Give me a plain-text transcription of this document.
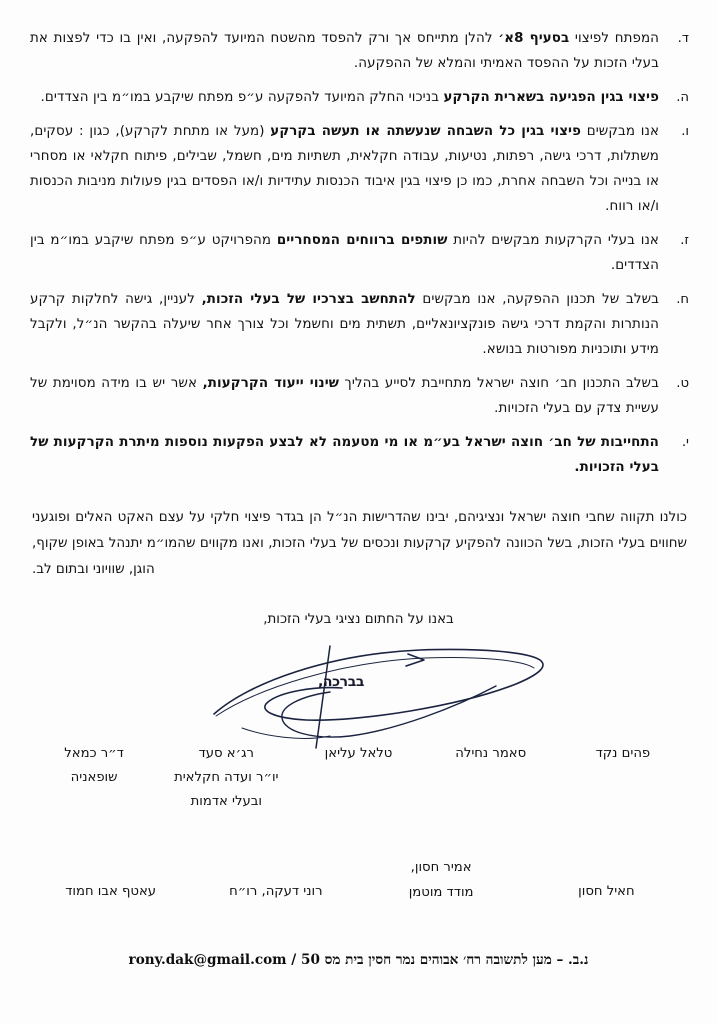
ד.
המפתח לפיצוי בסעיף 8א׳ להלן מתייחס אך ורק להפסד מהשטח המיועד להפקעה, ואין בו כדי לפצות את בעלי הזכות על ההפסד האמיתי והמלא של ההפקעה.
ה.
פיצוי בגין הפגיעה בשארית הקרקע בניכוי החלק המיועד להפקעה ע״פ מפתח שיקבע במו״מ בין הצדדים.
ו.
אנו מבקשים פיצוי בגין כל השבחה שנעשתה או תעשה בקרקע (מעל או מתחת לקרקע), כגון : עסקים, משתלות, דרכי גישה, רפתות, נטיעות, עבודה חקלאית, תשתיות מים, חשמל, שבילים, פיתוח חקלאי או מסחרי או בנייה וכל השבחה אחרת, כמו כן פיצוי בגין איבוד הכנסות עתידיות ו/או הפסדים בגין פעולות מניבות הכנסות ו/או רווח.
ז.
אנו בעלי הקרקעות מבקשים להיות שותפים ברווחים המסחריים מהפרויקט ע״פ מפתח שיקבע במו״מ בין הצדדים.
ח.
בשלב של תכנון ההפקעה, אנו מבקשים להתחשב בצרכיו של בעלי הזכות, לעניין, גישה לחלקות קרקע הנותרות והקמת דרכי גישה פונקציונאליים, תשתית מים וחשמל וכל צורך אחר שיעלה בהקשר הנ״ל, ולקבל מידע ותוכניות מפורטות בנושא.
ט.
בשלב התכנון חב׳ חוצה ישראל מתחייבת לסייע בהליך שינוי ייעוד הקרקעות, אשר יש בו מידה מסוימת של עשיית צדק עם בעלי הזכויות.
י.
התחייבות של חב׳ חוצה ישראל בע״מ או מי מטעמה לא לבצע הפקעות נוספות מיתרת הקרקעות של בעלי הזכויות.
כולנו תקווה שחבי חוצה ישראל ונציגיהם, יבינו שהדרישות הנ״ל הן בגדר פיצוי חלקי על עצם האקט האלים ופוגעני שחווים בעלי הזכות, בשל הכוונה להפקיע קרקעות ונכסים של בעלי הזכות, ואנו מקווים שהמו״מ יתנהל באופן שקוף, הוגן, שוויוני ובתום לב.
באנו על החתום נציגי בעלי הזכות,
בברכה,
פהים נקד
סאמר נחילה
טלאל עליאן
רג׳א סעד
יו״ר ועדה חקלאית
ובעלי אדמות
ד״ר כמאל
שופאניה
חאיל חסון
אמיר חסון,
מודד מוטמן
רוני דעקה, רו״ח
עאטף אבו חמוד
נ.ב. – מען לתשובה רח׳ אבוהים נמר חסין בית מס 50 / rony.dak@gmail.com
